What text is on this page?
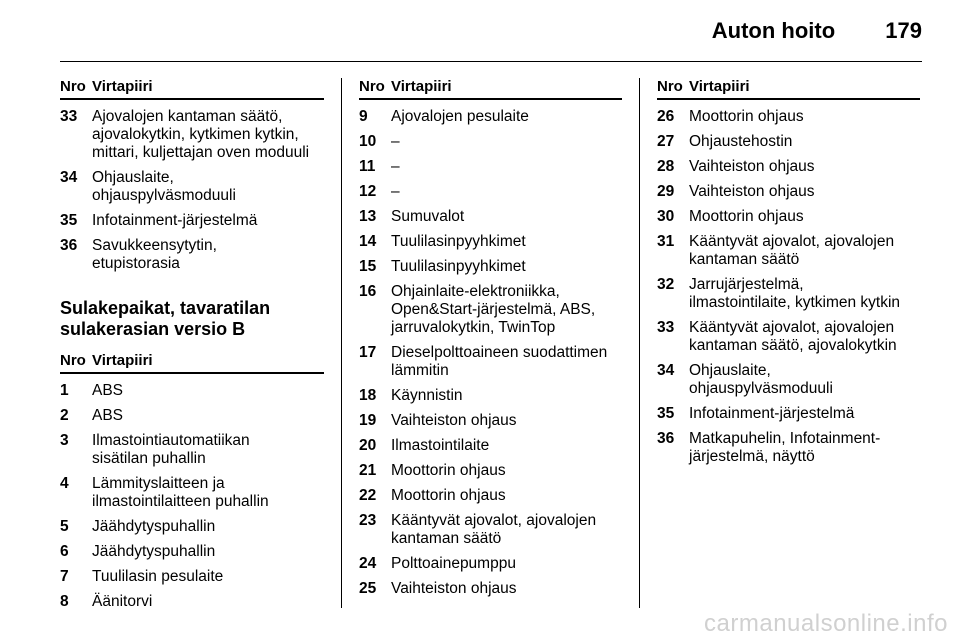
Auton hoito 179
Nro Virtapiiri
33 Ajovalojen kantaman säätö,
ajovalokytkin, kytkimen kytkin,
mittari, kuljettajan oven moduuli
34 Ohjauslaite,
ohjauspylväsmoduuli
35 Infotainment-järjestelmä
36 Savukkeensytytin,
etupistorasia
Sulakepaikat, tavaratilan
sulakerasian versio B
Nro Virtapiiri
1	ABS
2	ABS
3	Ilmastointiautomatiikan
sisätilan puhallin
4	Lämmityslaitteen ja
ilmastointilaitteen puhallin
5	Jäähdytyspuhallin
6	Jäähdytyspuhallin
7	Tuulilasin pesulaite
8	Äänitorvi
Nro Virtapiiri
9	Ajovalojen pesulaite
10 –
11	–
12 –
13 Sumuvalot
14 Tuulilasinpyyhkimet
15 Tuulilasinpyyhkimet
16 Ohjainlaite-elektroniikka,
Open&Start-järjestelmä, ABS,
jarruvalokytkin, TwinTop
17 Dieselpolttoaineen suodattimen
lämmitin
18 Käynnistin
19 Vaihteiston ohjaus
20 Ilmastointilaite
21 Moottorin ohjaus
22 Moottorin ohjaus
23 Kääntyvät ajovalot, ajovalojen
kantaman säätö
24 Polttoainepumppu
25 Vaihteiston ohjaus
Nro Virtapiiri
26 Moottorin ohjaus
27 Ohjaustehostin
28 Vaihteiston ohjaus
29 Vaihteiston ohjaus
30 Moottorin ohjaus
31 Kääntyvät ajovalot, ajovalojen
kantaman säätö
32 Jarrujärjestelmä,
ilmastointilaite, kytkimen kytkin
33 Kääntyvät ajovalot, ajovalojen
kantaman säätö, ajovalokytkin
34 Ohjauslaite,
ohjauspylväsmoduuli
35 Infotainment-järjestelmä
36 Matkapuhelin, Infotainment-
järjestelmä, näyttö
carmanualsonline.info
